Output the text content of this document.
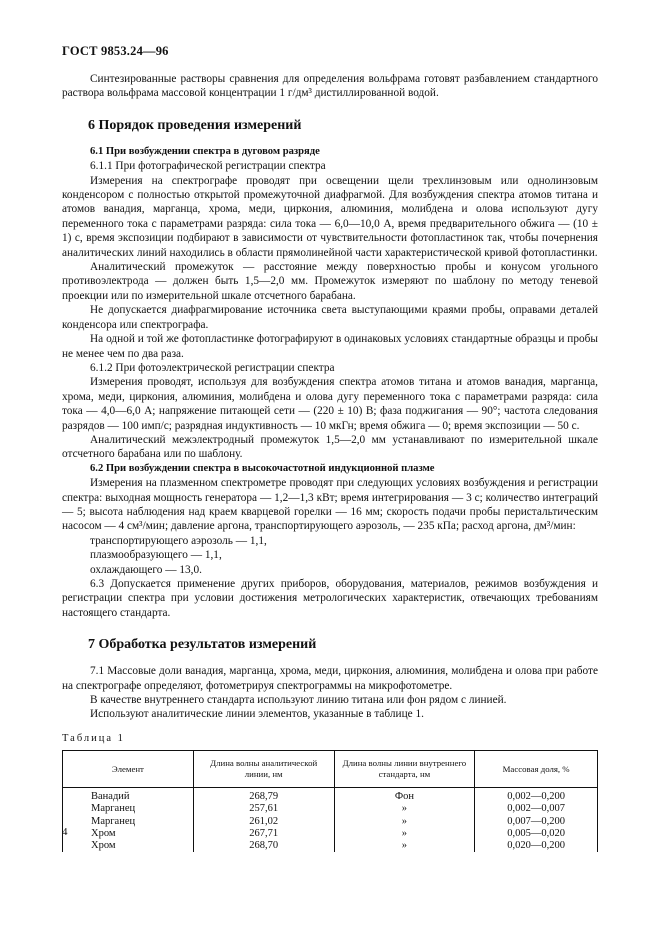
ГОСТ 9853.24—96

Синтезированные растворы сравнения для определения вольфрама готовят разбавлением стандартного раствора вольфрама массовой концентрации 1 г/дм³ дистиллированной водой.

6 Порядок проведения измерений

6.1 При возбуждении спектра в дуговом разряде

6.1.1 При фотографической регистрации спектра

Измерения на спектрографе проводят при освещении щели трехлинзовым или однолинзовым конденсором с полностью открытой промежуточной диафрагмой. Для возбуждения спектра атомов титана и атомов ванадия, марганца, хрома, меди, циркония, алюминия, молибдена и олова используют дугу переменного тока с параметрами разряда: сила тока — 6,0—10,0 А, время предварительного обжига — (10 ± 1) с, время экспозиции подбирают в зависимости от чувствительности фотопластинок так, чтобы почернения аналитических линий находились в области прямолинейной части характеристической кривой фотопластинки.

Аналитический промежуток — расстояние между поверхностью пробы и конусом угольного противоэлектрода — должен быть 1,5—2,0 мм. Промежуток измеряют по шаблону по методу теневой проекции или по измерительной шкале отсчетного барабана.

Не допускается диафрагмирование источника света выступающими краями пробы, оправами деталей конденсора или спектрографа.

На одной и той же фотопластинке фотографируют в одинаковых условиях стандартные образцы и пробы не менее чем по два раза.

6.1.2 При фотоэлектрической регистрации спектра

Измерения проводят, используя для возбуждения спектра атомов титана и атомов ванадия, марганца, хрома, меди, циркония, алюминия, молибдена и олова дугу переменного тока с параметрами разряда: сила тока — 4,0—6,0 А; напряжение питающей сети — (220 ± 10) В; фаза поджигания — 90°; частота следования разрядов — 100 имп/с; разрядная индуктивность — 10 мкГн; время обжига — 0; время экспозиции — 50 с.

Аналитический межэлектродный промежуток 1,5—2,0 мм устанавливают по измерительной шкале отсчетного барабана или по шаблону.

6.2 При возбуждении спектра в высокочастотной индукционной плазме

Измерения на плазменном спектрометре проводят при следующих условиях возбуждения и регистрации спектра: выходная мощность генератора — 1,2—1,3 кВт; время интегрирования — 3 с; количество интеграций — 5; высота наблюдения над краем кварцевой горелки — 16 мм; скорость подачи пробы перистальтическим насосом — 4 см³/мин; давление аргона, транспортирующего аэрозоль, — 235 кПа; расход аргона, дм³/мин:

транспортирующего аэрозоль — 1,1,

плазмообразующего — 1,1,

охлаждающего — 13,0.

6.3 Допускается применение других приборов, оборудования, материалов, режимов возбуждения и регистрации спектра при условии достижения метрологических характеристик, отвечающих требованиям настоящего стандарта.

7 Обработка результатов измерений

7.1 Массовые доли ванадия, марганца, хрома, меди, циркония, алюминия, молибдена и олова при работе на спектрографе определяют, фотометрируя спектрограммы на микрофотометре.

В качестве внутреннего стандарта используют линию титана или фон рядом с линией.

Используют аналитические линии элементов, указанные в таблице 1.

Таблица 1
Элемент	Длина волны аналитической линии, нм	Длина волны линии внутреннего стандарта, нм	Массовая доля, %
Ванадий	268,79	Фон	0,002—0,200
Марганец	257,61	»	0,002—0,007
Марганец	261,02	»	0,007—0,200
Хром	267,71	»	0,005—0,020
Хром	268,70	»	0,020—0,200
4
